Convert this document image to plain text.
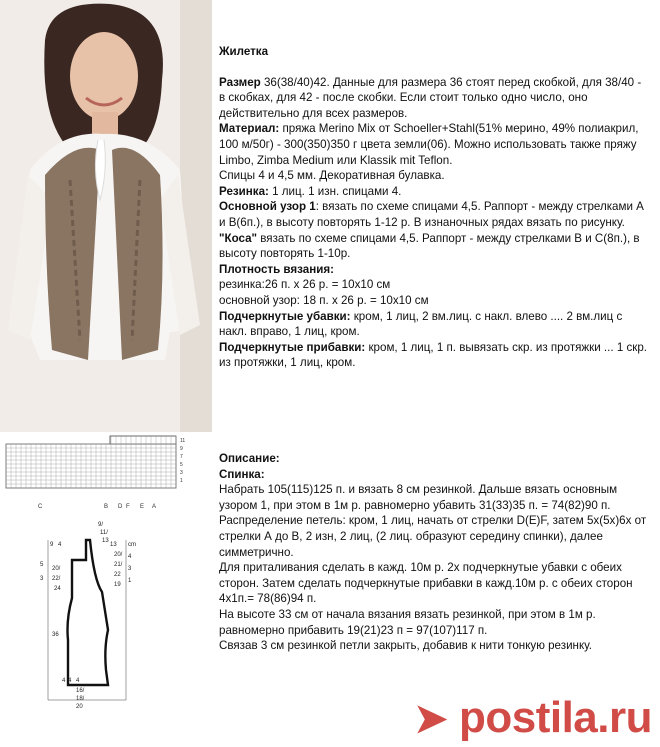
Жилетка

Размер 36(38/40)42. Данные для размера 36 стоят перед скобкой, для 38/40 - в скобках, для 42 - после скобки. Если стоит только одно число, оно действительно для всех размеров.

Материал: пряжа Merino Mix от Schoeller+Stahl(51% мерино, 49% полиакрил, 100 м/50г) - 300(350)350 г цвета земли(06). Можно использовать также пряжу Limbo, Zimba Medium или Klassik mit Teflon.

Спицы 4 и 4,5 мм. Декоративная булавка.

Резинка: 1 лиц. 1 изн. спицами 4.

Основной узор 1: вязать по схеме спицами 4,5. Раппорт - между стрелками А и В(6п.), в высоту повторять 1-12 р. В изнаночных рядах вязать по рисунку.

"Коса" вязать по схеме спицами 4,5. Раппорт - между стрелками В и С(8п.), в высоту повторять 1-10р.

Плотность вязания:

резинка:26 п. х 26 р. = 10х10 см

основной узор: 18 п. х 26 р. = 10х10 см

Подчеркнутые убавки: кром, 1 лиц, 2 вм.лиц. с накл. влево .... 2 вм.лиц с накл. вправо, 1 лиц, кром.

Подчеркнутые прибавки: кром, 1 лиц, 1 п. вывязать скр. из протяжки ... 1 скр. из протяжки, 1 лиц, кром.

11
9
7
5
3
1
C	B D F E A
9/
11/
13
9 4
5
3
20/
22/
24
36
13
20/
21/
22
19
4 4 4
16/
18/
20
cm
4
3
1

Описание:

Спинка:

Набрать 105(115)125 п. и вязать 8 см резинкой. Дальше вязать основным узором 1, при этом в 1м р. равномерно убавить 31(33)35 п. = 74(82)90 п. Распределение петель: кром, 1 лиц, начать от стрелки D(E)F, затем 5х(5х)6х от стрелки А до В, 2 изн, 2 лиц, (2 лиц. образуют середину спинки), далее симметрично.

Для приталивания сделать в кажд. 10м р. 2х подчеркнутые убавки с обеих сторон. Затем сделать подчеркнутые прибавки в кажд.10м р. с обеих сторон 4х1п.= 78(86)94 п.

На высоте 33 см от начала вязания вязать резинкой, при этом в 1м р. равномерно прибавить 19(21)23 п = 97(107)117 п.

Связав 3 см резинкой петли закрыть, добавив к нити тонкую резинку.

➤ postila.ru
